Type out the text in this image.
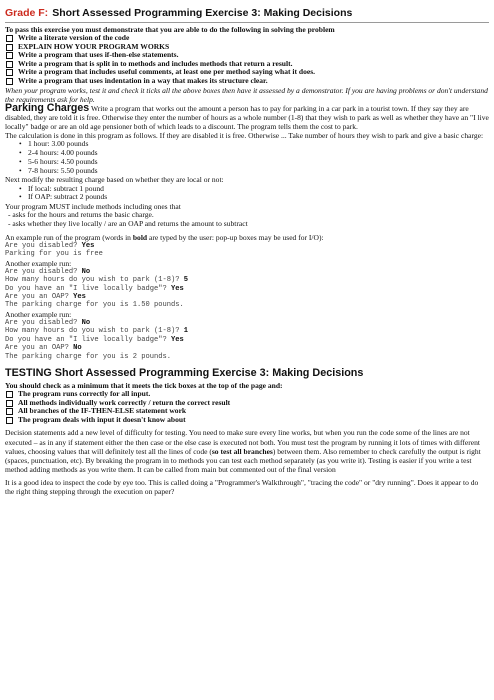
Grade F: Short Assessed Programming Exercise 3: Making Decisions

To pass this exercise you must demonstrate that you are able to do the following in solving the problem

Write a literate version of the code
EXPLAIN HOW YOUR PROGRAM WORKS
Write a program that uses if-then-else statements.
Write a program that is split in to methods and includes methods that return a result.
Write a program that includes useful comments, at least one per method saying what it does.
Write a program that uses indentation in a way that makes its structure clear.

When your program works, test it and check it ticks all the above boxes then have it assessed by a demonstrator. If you are having problems or don't understand the requirements ask for help.

Parking Charges Write a program that works out the amount a person has to pay for parking in a car park in a tourist town. If they say they are disabled, they are told it is free. Otherwise they enter the number of hours as a whole number (1-8) that they wish to park as well as whether they have an "I live locally" badge or are an old age pensioner both of which leads to a discount. The program tells them the cost to park.

The calculation is done in this program as follows. If they are disabled it is free. Otherwise ... Take number of hours they wish to park and give a basic charge:

• 1 hour: 3.00 pounds
• 2-4 hours: 4.00 pounds
• 5-6 hours: 4.50 pounds
• 7-8 hours: 5.50 pounds

Next modify the resulting charge based on whether they are local or not:

• If local: subtract 1 pound
• If OAP: subtract 2 pounds

Your program MUST include methods including ones that

- asks for the hours and returns the basic charge.
- asks whether they live locally / are an OAP and returns the amount to subtract

An example run of the program (words in bold are typed by the user: pop-up boxes may be used for I/O):

Are you disabled? Yes
Parking for you is free

Another example run:

Are you disabled? No
How many hours do you wish to park (1-8)? 5
Do you have an "I live locally badge"? Yes
Are you an OAP? Yes
The parking charge for you is 1.50 pounds.

Another example run:

Are you disabled? No
How many hours do you wish to park (1-8)? 1
Do you have an "I live locally badge"? Yes
Are you an OAP? No
The parking charge for you is 2 pounds.

TESTING Short Assessed Programming Exercise 3: Making Decisions

You should check as a minimum that it meets the tick boxes at the top of the page and:

The program runs correctly for all input.
All methods individually work correctly / return the correct result
All branches of the IF-THEN-ELSE statement work
The program deals with input it doesn't know about

Decision statements add a new level of difficulty for testing. You need to make sure every line works, but when you run the code some of the lines are not executed – as in any if statement either the then case or the else case is executed not both. You must test the program by running it lots of times with different values, choosing values that will definitely test all the lines of code (so test all branches) between them. Also remember to check carefully the output is right (spaces, punctuation, etc). By breaking the program in to methods you can test each method separately (as you write it). Testing is easier if you write a test method adding methods as you write them. It can be called from main but commented out of the final version

It is a good idea to inspect the code by eye too. This is called doing a "Programmer's Walkthrough", "tracing the code" or "dry running". Does it appear to do the right thing stepping through the execution on paper?
